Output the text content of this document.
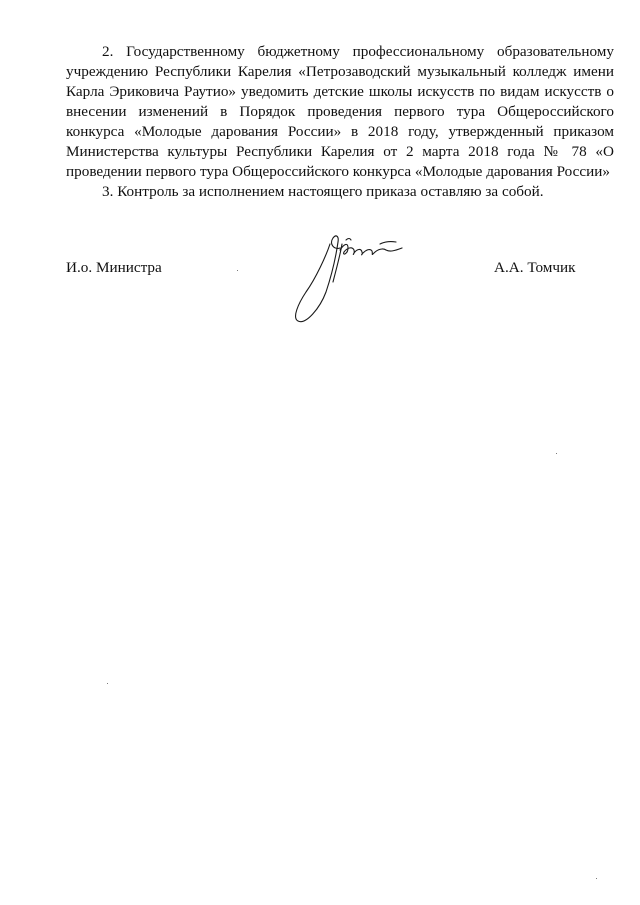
2. Государственному бюджетному профессиональному образовательному
учреждению Республики Карелия «Петрозаводский музыкальный колледж имени
Карла Эриковича Раутио» уведомить детские школы искусств по видам искусств о
внесении изменений в Порядок проведения первого тура Общероссийского
конкурса «Молодые дарования России» в 2018 году, утвержденный приказом
Министерства культуры Республики Карелия от 2 марта 2018 года № 78 «О
проведении первого тура Общероссийского конкурса «Молодые дарования России»
3. Контроль за исполнением настоящего приказа оставляю за собой.
И.о. Министра	А.А. Томчик
